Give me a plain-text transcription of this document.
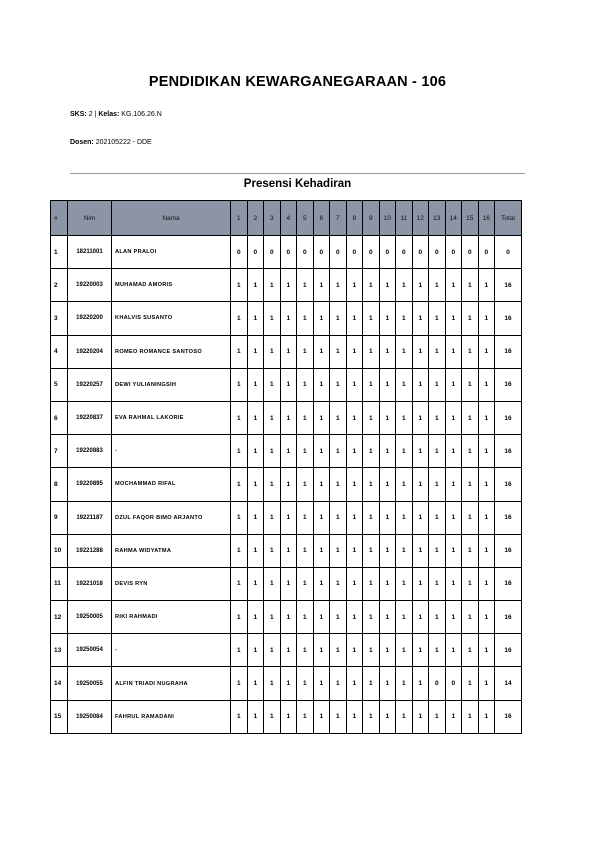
PENDIDIKAN KEWARGANEGARAAN - 106
SKS: 2 | Kelas: KG.106.26.N
Dosen: 202105222 - DDE
Presensi Kehadiran
#	Nim	Nama	1	2	3	4	5	6	7	8	9	10	11	12	13	14	15	16	Total
1	18211001	ALAN PRALOI	0	0	0	0	0	0	0	0	0	0	0	0	0	0	0	0	0
2	19220003	MUHAMAD AMORIS	1	1	1	1	1	1	1	1	1	1	1	1	1	1	1	1	16
3	19220200	KHALVIS SUSANTO	1	1	1	1	1	1	1	1	1	1	1	1	1	1	1	1	16
4	19220204	ROMEO ROMANCE SANTOSO	1	1	1	1	1	1	1	1	1	1	1	1	1	1	1	1	16
5	19220257	DEWI YULIANINGSIH	1	1	1	1	1	1	1	1	1	1	1	1	1	1	1	1	16
6	19220837	EVA RAHMAL LAKORIE	1	1	1	1	1	1	1	1	1	1	1	1	1	1	1	1	16
7	19220883	-	1	1	1	1	1	1	1	1	1	1	1	1	1	1	1	1	16
8	19220895	MOCHAMMAD RIFAL	1	1	1	1	1	1	1	1	1	1	1	1	1	1	1	1	16
9	19221187	DZUL FAQOR BIMO ARJANTO	1	1	1	1	1	1	1	1	1	1	1	1	1	1	1	1	16
10	19221288	RAHMA WIDYATMA	1	1	1	1	1	1	1	1	1	1	1	1	1	1	1	1	16
11	19221018	DEVIS RYN	1	1	1	1	1	1	1	1	1	1	1	1	1	1	1	1	16
12	19250005	RIKI RAHMADI	1	1	1	1	1	1	1	1	1	1	1	1	1	1	1	1	16
13	19250054	-	1	1	1	1	1	1	1	1	1	1	1	1	1	1	1	1	16
14	19250055	ALFIN TRIADI NUGRAHA	1	1	1	1	1	1	1	1	1	1	1	1	0	0	1	1	14
15	19250084	FAHRUL RAMADANI	1	1	1	1	1	1	1	1	1	1	1	1	1	1	1	1	16
